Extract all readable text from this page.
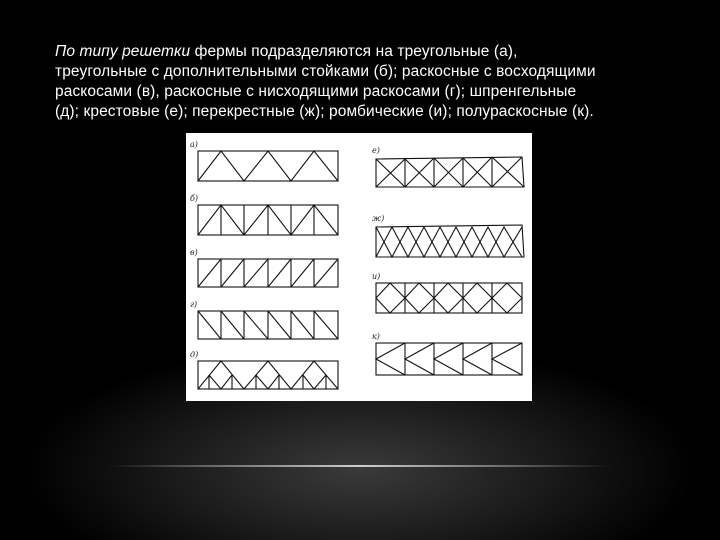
По типу решетки фермы подразделяются на треугольные (а),
треугольные с дополнительными стойками (б); раскосные с восходящими
раскосами (в), раскосные с нисходящими раскосами (г); шпренгельные
(д); крестовые (е); перекрестные (ж); ромбические (и); полураскосные (к).
а)
б)
в)
г)
д)
е)
ж)
и)
к)
